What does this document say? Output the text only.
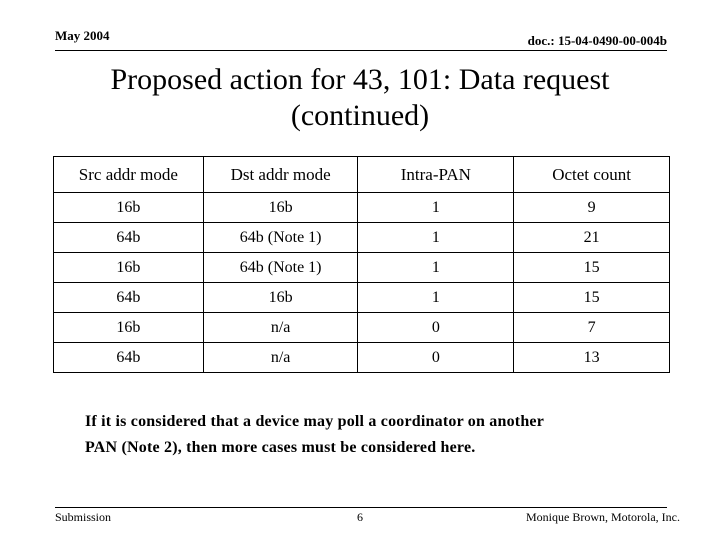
May 2004	doc.: 15-04-0490-00-004b
Proposed action for 43, 101: Data request
(continued)
Src addr mode	Dst addr mode	Intra-PAN	Octet count
16b	16b	1	9
64b	64b (Note 1)	1	21
16b	64b (Note 1)	1	15
64b	16b	1	15
16b	n/a	0	7
64b	n/a	0	13
If it is considered that a device may poll a coordinator on another
PAN (Note 2), then more cases must be considered here.
Submission	6	Monique Brown, Motorola, Inc.
